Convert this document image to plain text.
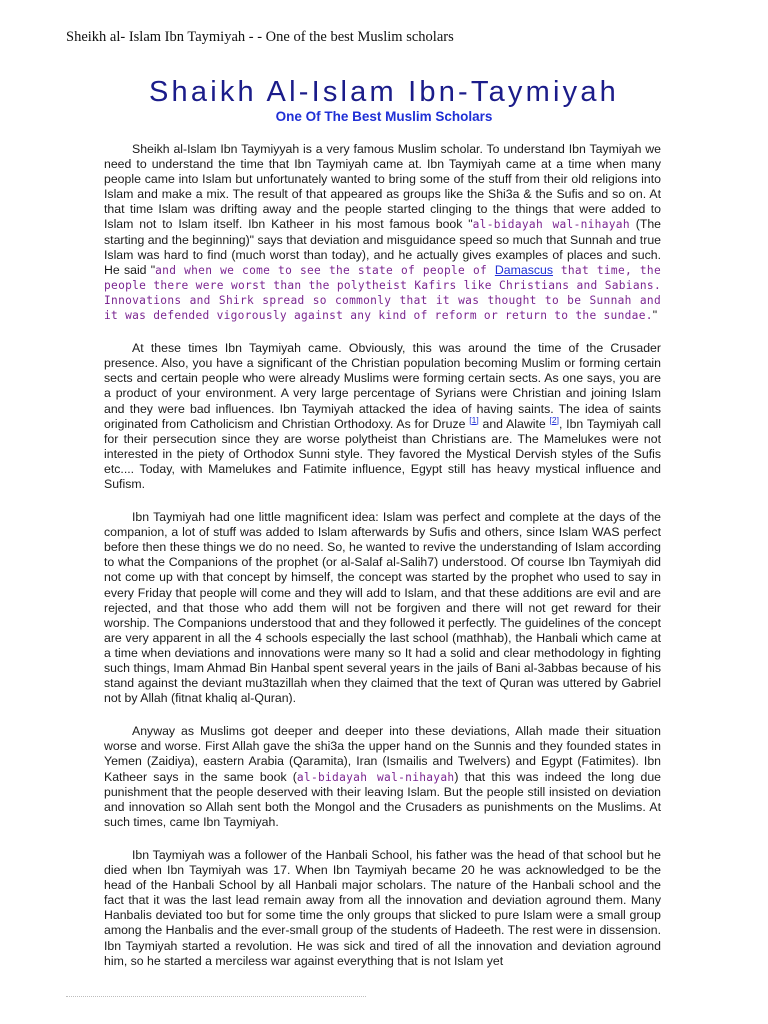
Sheikh al- Islam Ibn Taymiyah - - One of the best Muslim scholars
Shaikh Al-Islam Ibn-Taymiyah
One Of The Best Muslim Scholars

Sheikh al-Islam Ibn Taymiyyah is a very famous Muslim scholar. To understand Ibn Taymiyah we need to understand the time that Ibn Taymiyah came at. Ibn Taymiyah came at a time when many people came into Islam but unfortunately wanted to bring some of the stuff from their old religions into Islam and make a mix. The result of that appeared as groups like the Shi3a & the Sufis and so on. At that time Islam was drifting away and the people started clinging to the things that were added to Islam not to Islam itself. Ibn Katheer in his most famous book "al-bidayah wal-nihayah (The starting and the beginning)" says that deviation and misguidance speed so much that Sunnah and true Islam was hard to find (much worst than today), and he actually gives examples of places and such. He said "and when we come to see the state of people of Damascus that time, the people there were worst than the polytheist Kafirs like Christians and Sabians. Innovations and Shirk spread so commonly that it was thought to be Sunnah and it was defended vigorously against any kind of reform or return to the sundae."

At these times Ibn Taymiyah came. Obviously, this was around the time of the Crusader presence. Also, you have a significant of the Christian population becoming Muslim or forming certain sects and certain people who were already Muslims were forming certain sects. As one says, you are a product of your environment. A very large percentage of Syrians were Christian and joining Islam and they were bad influences. Ibn Taymiyah attacked the idea of having saints. The idea of saints originated from Catholicism and Christian Orthodoxy. As for Druze [1] and Alawite [2], Ibn Taymiyah call for their persecution since they are worse polytheist than Christians are. The Mamelukes were not interested in the piety of Orthodox Sunni style. They favored the Mystical Dervish styles of the Sufis etc.... Today, with Mamelukes and Fatimite influence, Egypt still has heavy mystical influence and Sufism.

Ibn Taymiyah had one little magnificent idea: Islam was perfect and complete at the days of the companion, a lot of stuff was added to Islam afterwards by Sufis and others, since Islam WAS perfect before then these things we do no need. So, he wanted to revive the understanding of Islam according to what the Companions of the prophet (or al-Salaf al-Salih7) understood. Of course Ibn Taymiyah did not come up with that concept by himself, the concept was started by the prophet who used to say in every Friday that people will come and they will add to Islam, and that these additions are evil and are rejected, and that those who add them will not be forgiven and there will not get reward for their worship. The Companions understood that and they followed it perfectly. The guidelines of the concept are very apparent in all the 4 schools especially the last school (mathhab), the Hanbali which came at a time when deviations and innovations were many so It had a solid and clear methodology in fighting such things, Imam Ahmad Bin Hanbal spent several years in the jails of Bani al-3abbas because of his stand against the deviant mu3tazillah when they claimed that the text of Quran was uttered by Gabriel not by Allah (fitnat khaliq al-Quran).

Anyway as Muslims got deeper and deeper into these deviations, Allah made their situation worse and worse. First Allah gave the shi3a the upper hand on the Sunnis and they founded states in Yemen (Zaidiya), eastern Arabia (Qaramita), Iran (Ismailis and Twelvers) and Egypt (Fatimites). Ibn Katheer says in the same book (al-bidayah wal-nihayah) that this was indeed the long due punishment that the people deserved with their leaving Islam. But the people still insisted on deviation and innovation so Allah sent both the Mongol and the Crusaders as punishments on the Muslims. At such times, came Ibn Taymiyah.

Ibn Taymiyah was a follower of the Hanbali School, his father was the head of that school but he died when Ibn Taymiyah was 17. When Ibn Taymiyah became 20 he was acknowledged to be the head of the Hanbali School by all Hanbali major scholars. The nature of the Hanbali school and the fact that it was the last lead remain away from all the innovation and deviation aground them. Many Hanbalis deviated too but for some time the only groups that slicked to pure Islam were a small group among the Hanbalis and the ever-small group of the students of Hadeeth. The rest were in dissension. Ibn Taymiyah started a revolution. He was sick and tired of all the innovation and deviation aground him, so he started a merciless war against everything that is not Islam yet
